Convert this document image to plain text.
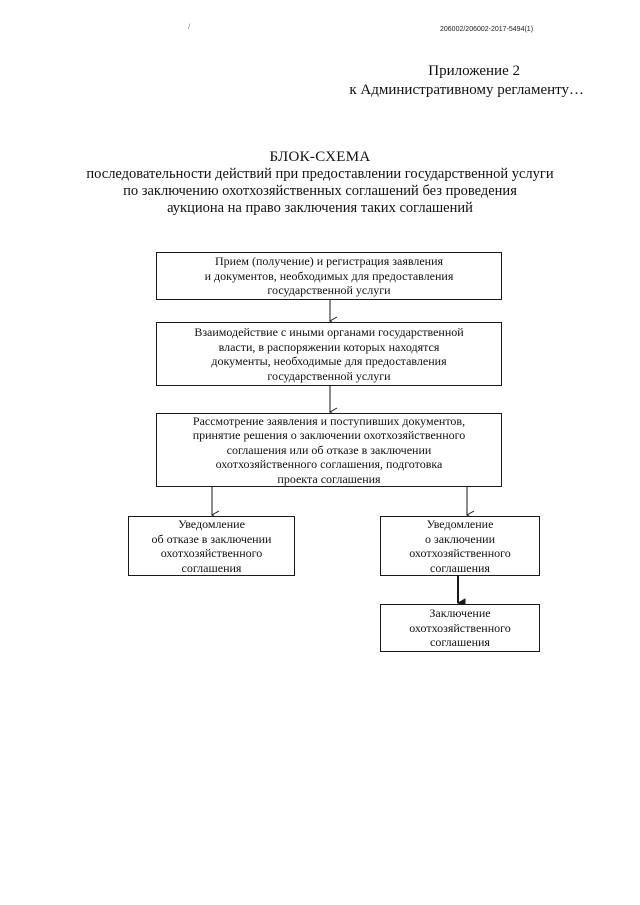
/	206002/206002-2017-5494(1)
Приложение 2
к Административному регламенту…
БЛОК-СХЕМА
последовательности действий при предоставлении государственной услуги
по заключению охотхозяйственных соглашений без проведения
аукциона на право заключения таких соглашений
Прием (получение) и регистрация заявления
и документов, необходимых для предоставления
государственной услуги
Взаимодействие с иными органами государственной
власти, в распоряжении которых находятся
документы, необходимые для предоставления
государственной услуги
Рассмотрение заявления и поступивших документов,
принятие решения о заключении охотхозяйственного
соглашения или об отказе в заключении
охотхозяйственного соглашения, подготовка
проекта соглашения
Уведомление
об отказе в заключении
охотхозяйственного
соглашения
Уведомление
о заключении
охотхозяйственного
соглашения
Заключение
охотхозяйственного
соглашения
